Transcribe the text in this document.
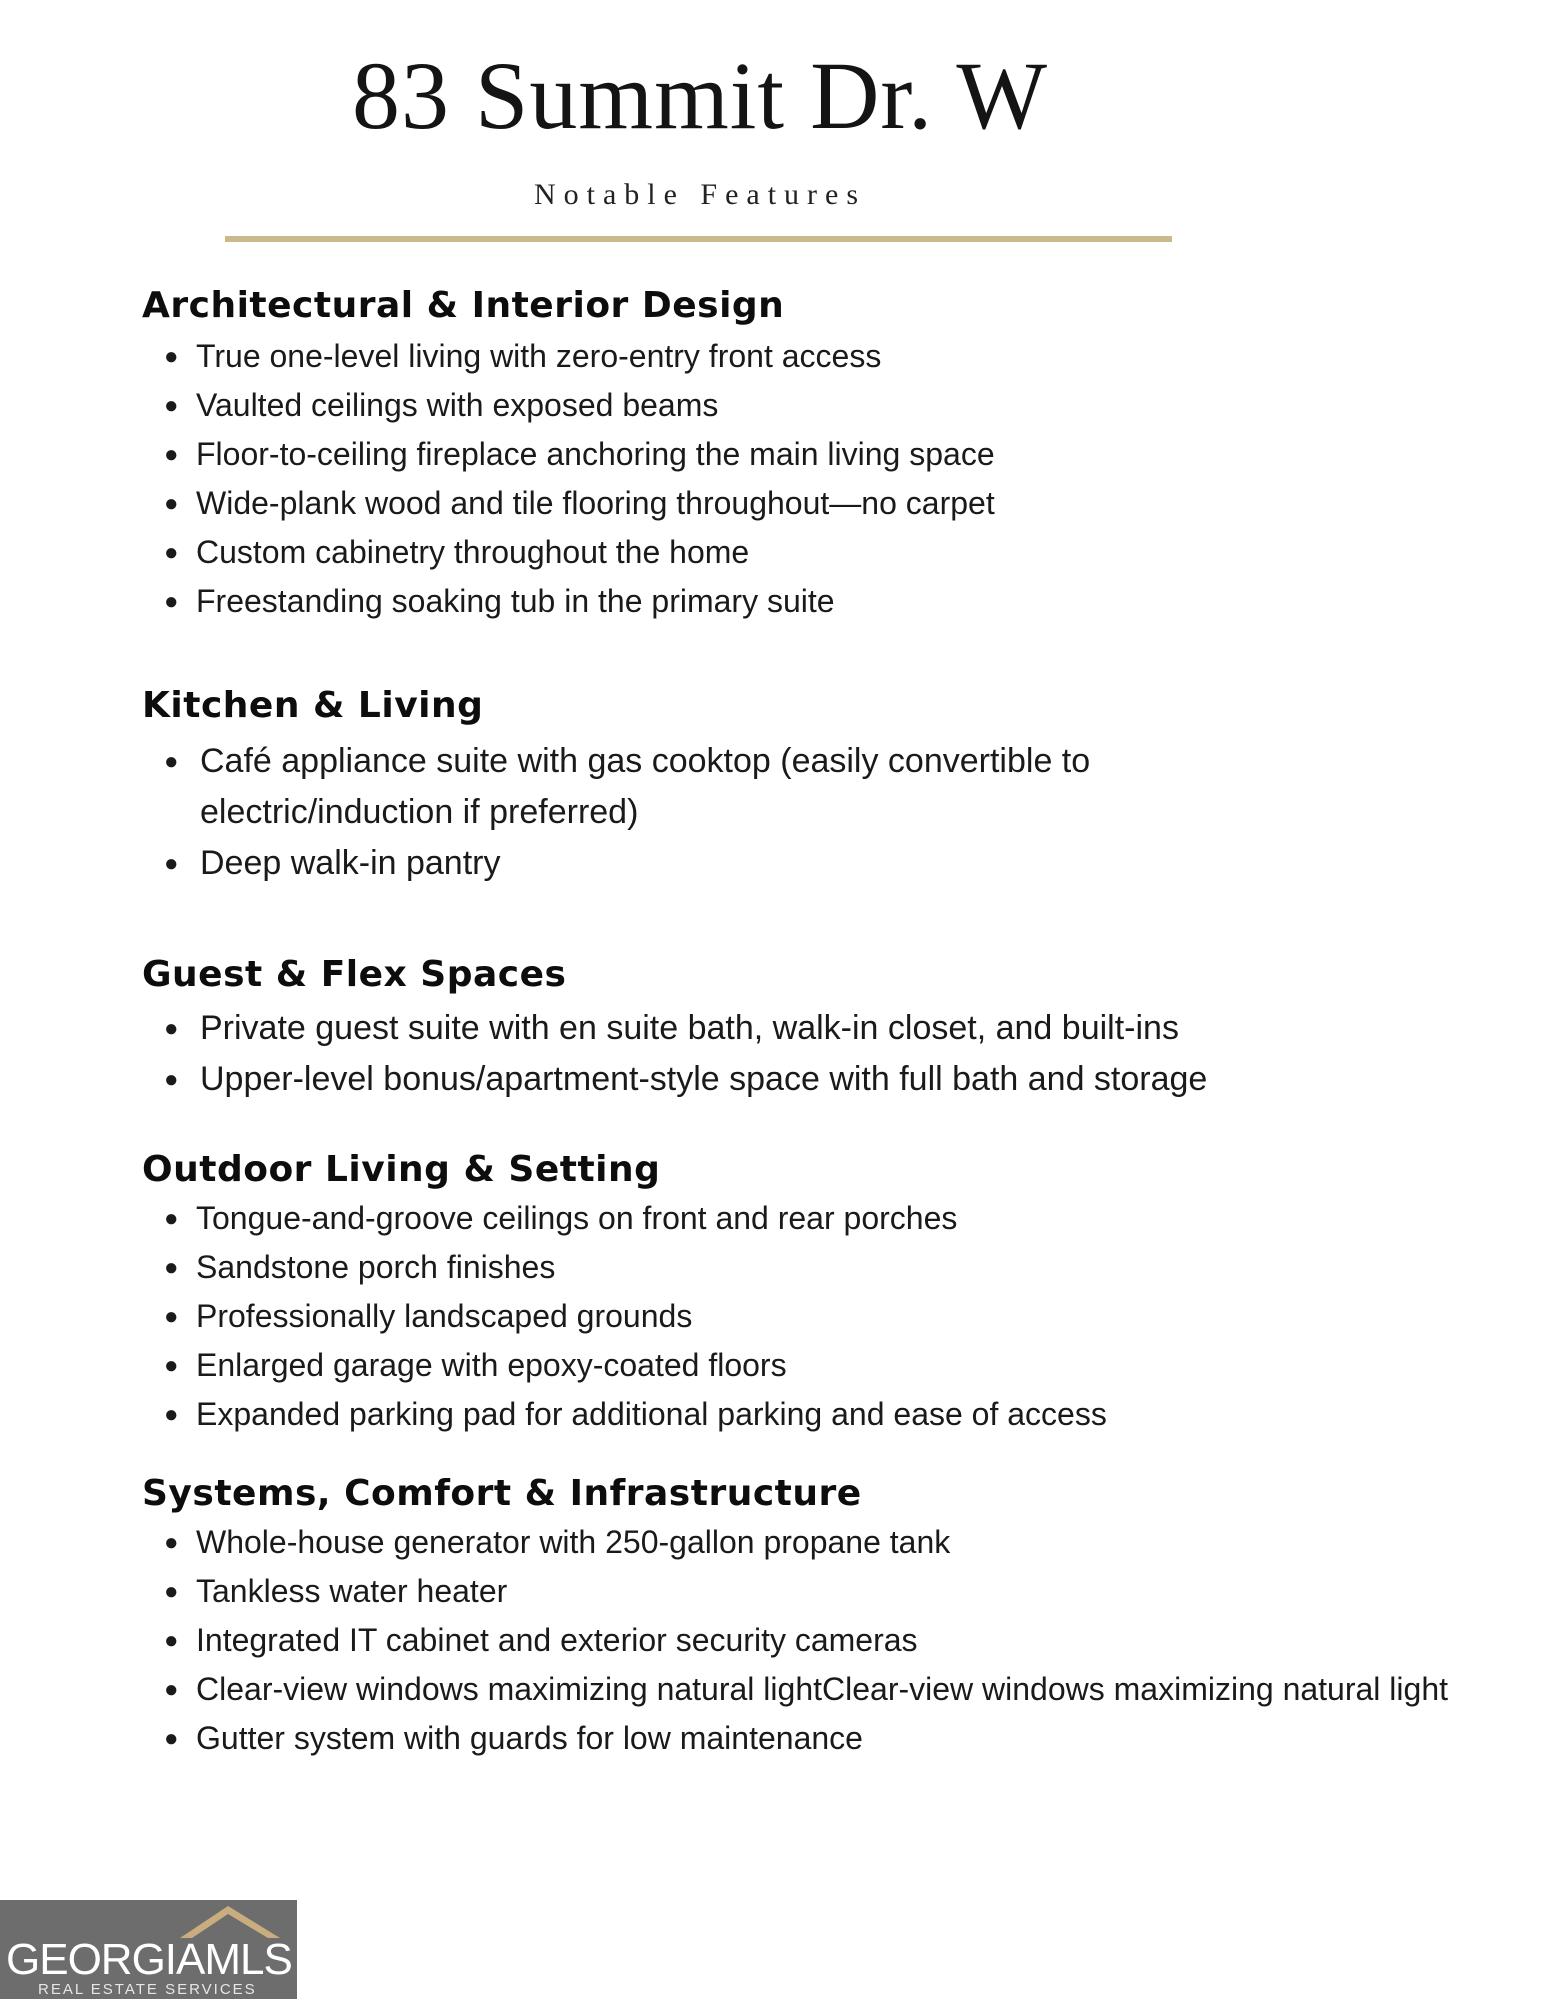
83 Summit Dr. W
Notable Features
Architectural & Interior Design
● True one-level living with zero-entry front access
● Vaulted ceilings with exposed beams
● Floor-to-ceiling fireplace anchoring the main living space
● Wide-plank wood and tile flooring throughout—no carpet
● Custom cabinetry throughout the home
● Freestanding soaking tub in the primary suite
Kitchen & Living
● Café appliance suite with gas cooktop (easily convertible to electric/induction if preferred)
● Deep walk-in pantry
Guest & Flex Spaces
● Private guest suite with en suite bath, walk-in closet, and built-ins
● Upper-level bonus/apartment-style space with full bath and storage
Outdoor Living & Setting
● Tongue-and-groove ceilings on front and rear porches
● Sandstone porch finishes
● Professionally landscaped grounds
● Enlarged garage with epoxy-coated floors
● Expanded parking pad for additional parking and ease of access
Systems, Comfort & Infrastructure
● Whole-house generator with 250-gallon propane tank
● Tankless water heater
● Integrated IT cabinet and exterior security cameras
● Clear-view windows maximizing natural lightClear-view windows maximizing natural light
● Gutter system with guards for low maintenance
GEORGIAMLS
REAL ESTATE SERVICES
